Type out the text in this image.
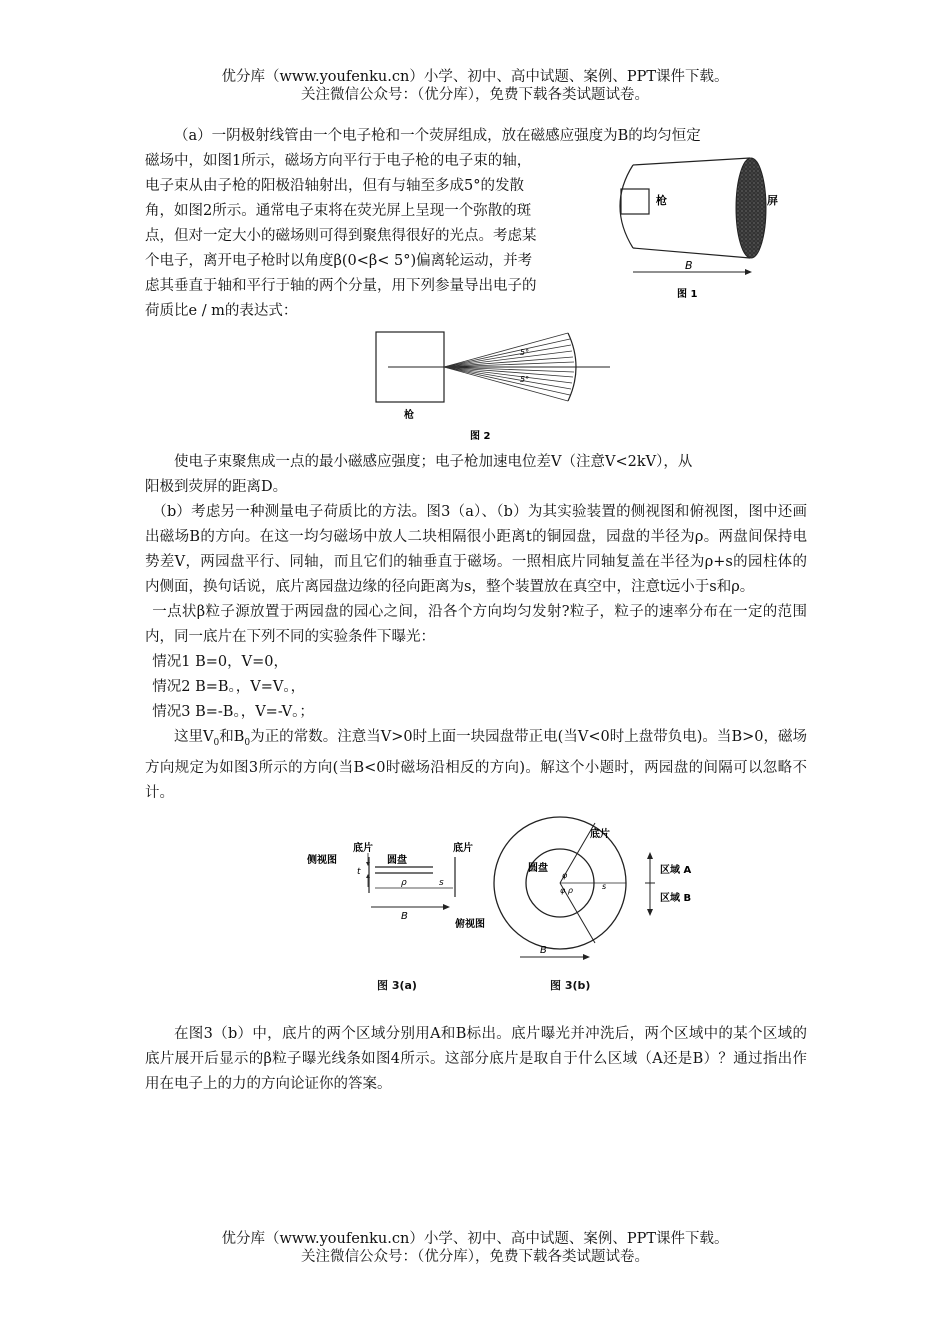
优分库（www.youfenku.cn）小学、初中、高中试题、案例、PPT课件下载。
关注微信公众号：（优分库），免费下载各类试题试卷。

（a）一阴极射线管由一个电子枪和一个荧屏组成，放在磁感应强度为B的均匀恒定

磁场中，如图1所示，磁场方向平行于电子枪的电子束的轴，
电子束从由子枪的阳极沿轴射出，但有与轴至多成5°的发散
角，如图2所示。通常电子束将在荧光屏上呈现一个弥散的斑
点，但对一定大小的磁场则可得到聚焦得很好的光点。考虑某
个电子，离开电子枪时以角度β(0<β< 5°)偏离轮运动，并考
虑其垂直于轴和平行于轴的两个分量，用下列参量导出电子的
荷质比e / m的表达式：
枪	屏
B
图 1
5°
5°
枪
图 2
使电子束聚焦成一点的最小磁感应强度；电子枪加速电位差V（注意V<2kV），从
阳极到荧屏的距离D。

（b）考虑另一种测量电子荷质比的方法。图3（a）、（b）为其实验装置的侧视图和俯视图，图中还画出磁场B的方向。在这一均匀磁场中放人二块相隔很小距离t的铜园盘，园盘的半径为ρ。两盘间保持电势差V，两园盘平行、同轴，而且它们的轴垂直于磁场。一照相底片同轴复盖在半径为ρ+s的园柱体的内侧面，换句话说，底片离园盘边缘的径向距离为s，整个装置放在真空中，注意t远小于s和ρ。

一点状β粒子源放置于两园盘的园心之间，沿各个方向均匀发射?粒子，粒子的速率分布在一定的范围内，同一底片在下列不同的实验条件下曝光：

情况1 B=0，V=0，

情况2 B=B。，V=V。，

情况3 B=-B。，V=-V。；

这里$V_0$和$B_0$为正的常数。注意当V>0时上面一块园盘带正电(当V<0时上盘带负电)。当B>0，磁场方向规定为如图3所示的方向(当B<0时磁场沿相反的方向)。解这个小题时，两园盘的间隔可以忽略不计。

侧视图
底片
圆盘
t
ρ	s
底片
B
俯视图
圆盘
底片
φ
φ ρ	s
区域 A
区域 B
B
图 3(a)	图 3(b)

在图3（b）中，底片的两个区域分别用A和B标出。底片曝光并冲洗后，两个区域中的某个区域的底片展开后显示的β粒子曝光线条如图4所示。这部分底片是取自于什么区域（A还是B）？通过指出作用在电子上的力的方向论证你的答案。

优分库（www.youfenku.cn）小学、初中、高中试题、案例、PPT课件下载。
关注微信公众号：（优分库），免费下载各类试题试卷。
